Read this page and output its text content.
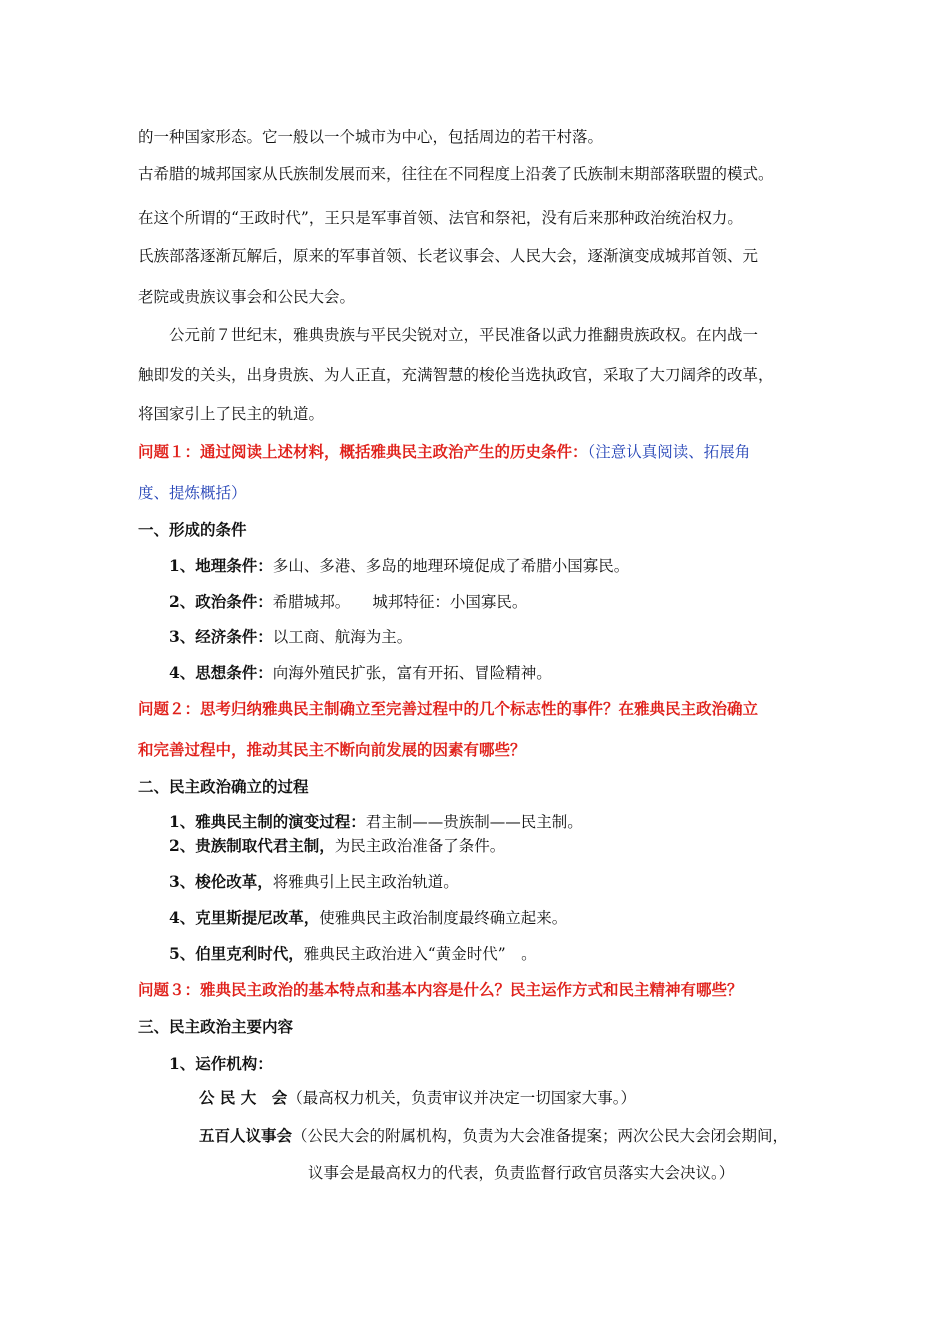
的一种国家形态。它一般以一个城市为中心，包括周边的若干村落。
古希腊的城邦国家从氏族制发展而来，往往在不同程度上沿袭了氏族制末期部落联盟的模式。
在这个所谓的“王政时代”，王只是军事首领、法官和祭祀，没有后来那种政治统治权力。
氏族部落逐渐瓦解后，原来的军事首领、长老议事会、人民大会，逐渐演变成城邦首领、元
老院或贵族议事会和公民大会。
公元前７世纪末，雅典贵族与平民尖锐对立，平民准备以武力推翻贵族政权。在内战一
触即发的关头，出身贵族、为人正直，充满智慧的梭伦当选执政官，采取了大刀阔斧的改革，
将国家引上了民主的轨道。
问题１：通过阅读上述材料，概括雅典民主政治产生的历史条件：（注意认真阅读、拓展角
度、提炼概括）
一、形成的条件
1、地理条件：多山、多港、多岛的地理环境促成了希腊小国寡民。
2、政治条件：希腊城邦。 城邦特征：小国寡民。
3、经济条件：以工商、航海为主。
4、思想条件：向海外殖民扩张，富有开拓、冒险精神。
问题２：思考归纳雅典民主制确立至完善过程中的几个标志性的事件？在雅典民主政治确立
和完善过程中，推动其民主不断向前发展的因素有哪些？
二、民主政治确立的过程
1、雅典民主制的演变过程：君主制——贵族制——民主制。
2、贵族制取代君主制，为民主政治准备了条件。
3、梭伦改革，将雅典引上民主政治轨道。
4、克里斯提尼改革，使雅典民主政治制度最终确立起来。
5、伯里克利时代，雅典民主政治进入“黄金时代”　。
问题３：雅典民主政治的基本特点和基本内容是什么？民主运作方式和民主精神有哪些？
三、民主政治主要内容
1、运作机构：
公 民 大　会（最高权力机关，负责审议并决定一切国家大事。）
五百人议事会（公民大会的附属机构，负责为大会准备提案；两次公民大会闭会期间，
议事会是最高权力的代表，负责监督行政官员落实大会决议。）
